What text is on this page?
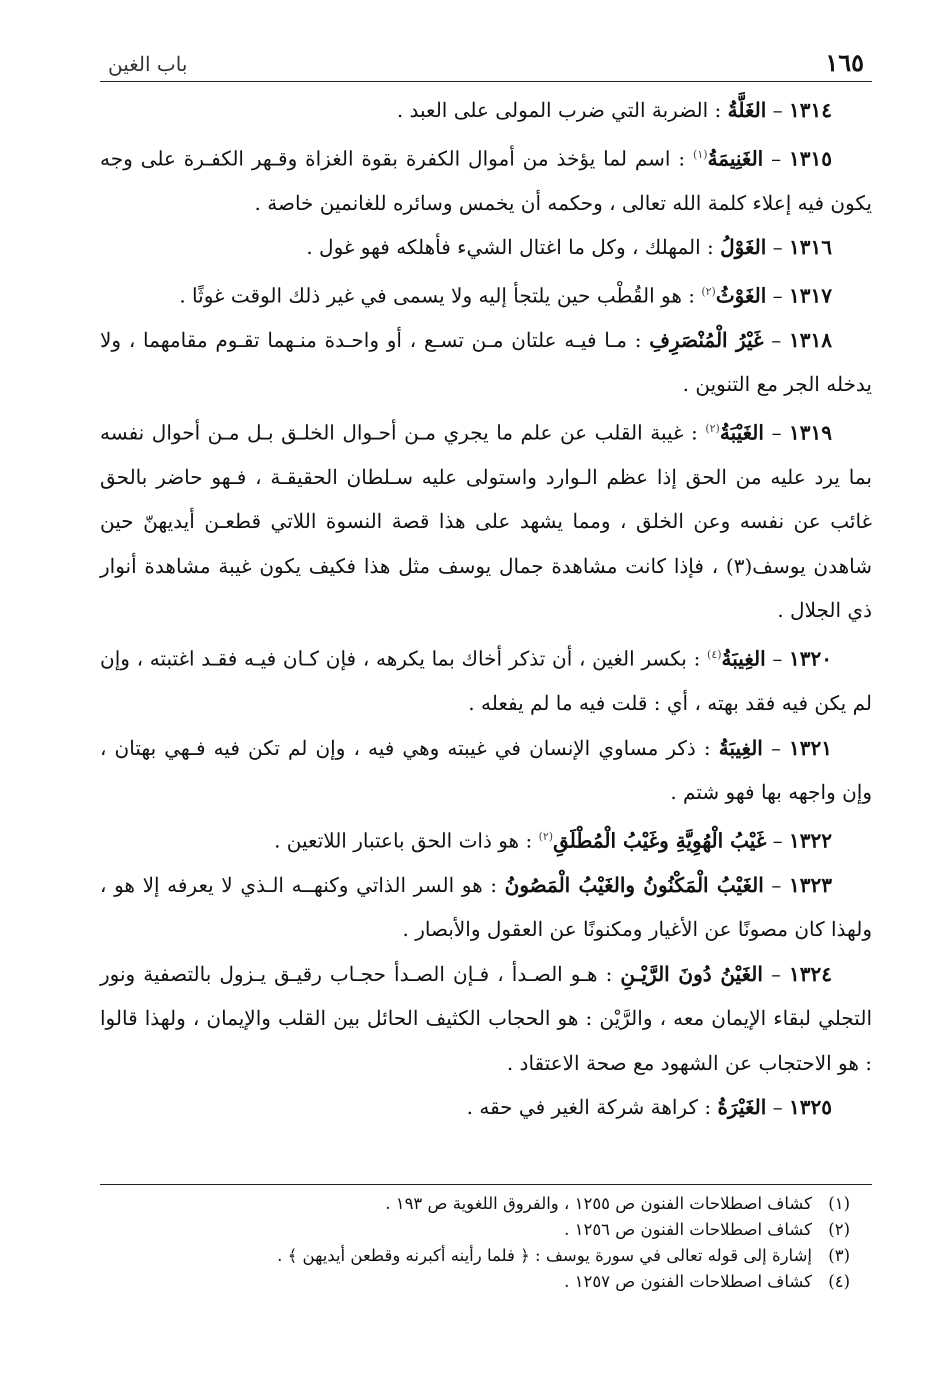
١٦٥
باب الغين

١٣١٤ – الغَلَّةُ : الضربة التي ضرب المولى على العبد .

١٣١٥ – الغَنِيمَةُ$^{(١)}$ : اسم لما يؤخذ من أموال الكفرة بقوة الغزاة وقـهر الكفـرة على وجه يكون فيه إعلاء كلمة الله تعالى ، وحكمه أن يخمس وسائره للغانمين خاصة .

١٣١٦ – الغَوْلُ : المهلك ، وكل ما اغتال الشيء فأهلكه فهو غول .

١٣١٧ – الغَوْثُ$^{(٢)}$ : هو القُطْب حين يلتجأ إليه ولا يسمى في غير ذلك الوقت غوثًا .

١٣١٨ – غَيْرُ الْمُنْصَرِفِ : مـا فيـه علتان مـن تسـع ، أو واحـدة منـهما تقـوم مقامهما ، ولا يدخله الجر مع التنوين .

١٣١٩ – الغَيْبَةُ$^{(٢)}$ : غيبة القلب عن علم ما يجري مـن أحـوال الخلـق بـل مـن أحوال نفسه بما يرد عليه من الحق إذا عظم الـوارد واستولى عليه سـلطان الحقيقـة ، فـهو حاضر بالحق غائب عن نفسه وعن الخلق ، ومما يشهد على هذا قصة النسوة اللاتي قطعـن أيديهنّ حين شاهدن يوسف(٣) ، فإذا كانت مشاهدة جمال يوسف مثل هذا فكيف يكون غيبة مشاهدة أنوار ذي الجلال .

١٣٢٠ – الغِيبَةُ$^{(٤)}$ : بكسر الغين ، أن تذكر أخاك بما يكرهه ، فإن كـان فيـه فقـد اغتبته ، وإن لم يكن فيه فقد بهته ، أي : قلت فيه ما لم يفعله .

١٣٢١ – الغِيبَةُ : ذكر مساوي الإنسان في غيبته وهي فيه ، وإن لم تكن فيه فـهي بهتان ، وإن واجهه بها فهو شتم .

١٣٢٢ – غَيْبُ الْهُوِيَّةِ وغَيْبُ الْمُطْلَقِ$^{(٢)}$ : هو ذات الحق باعتبار اللاتعين .

١٣٢٣ – الغَيْبُ الْمَكْنُونُ والغَيْبُ الْمَصُونُ : هو السر الذاتي وكنهــه الـذي لا يعرفه إلا هو ، ولهذا كان مصونًا عن الأغيار ومكنونًا عن العقول والأبصار .

١٣٢٤ – الغَيْنُ دُونَ الرَّيْـنِ : هـو الصـدأ ، فـإن الصـدأ حجـاب رقيـق يـزول بالتصفية ونور التجلي لبقاء الإيمان معه ، والرَّيْن : هو الحجاب الكثيف الحائل بين القلب والإيمان ، ولهذا قالوا : هو الاحتجاب عن الشهود مع صحة الاعتقاد .

١٣٢٥ – الغَيْرَةُ : كراهة شركة الغير في حقه .

(١)
كشاف اصطلاحات الفنون ص ١٢٥٥ ، والفروق اللغوية ص ١٩٣ .
(٢)
كشاف اصطلاحات الفنون ص ١٢٥٦ .
(٣)
إشارة إلى قوله تعالى في سورة يوسف : ﴿ فلما رأينه أكبرنه وقطعن أيديهن ﴾ .
(٤)
كشاف اصطلاحات الفنون ص ١٢٥٧ .
